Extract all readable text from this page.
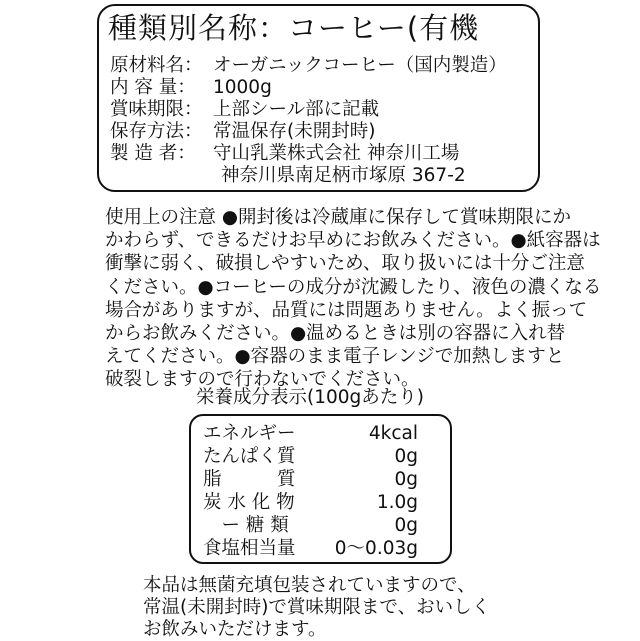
種類別名称：コーヒー(有機
原材料名： オーガニックコーヒー（国内製造）
内 容 量： 1000g
賞味期限： 上部シール部に記載
保存方法： 常温保存(未開封時)
製 造 者： 守山乳業株式会社 神奈川工場
神奈川県南足柄市塚原 367-2
使用上の注意 ●開封後は冷蔵庫に保存して賞味期限にか
かわらず、できるだけお早めにお飲みください。●紙容器は
衝撃に弱く、破損しやすいため、取り扱いには十分ご注意
ください。●コーヒーの成分が沈澱したり、液色の濃くなる
場合がありますが、品質には問題ありません。よく振って
からお飲みください。●温めるときは別の容器に入れ替
えてください。●容器のまま電子レンジで加熱しますと
破裂しますので行わないでください。
栄養成分表示(100gあたり)
エネルギー	4kcal
たんぱく質	0g
脂　　　質	0g
炭 水 化 物	1.0g
　ー 糖 類	0g
食塩相当量 0〜0.03g
本品は無菌充填包装されていますので、
常温(未開封時)で賞味期限まで、おいしく
お飲みいただけます。
